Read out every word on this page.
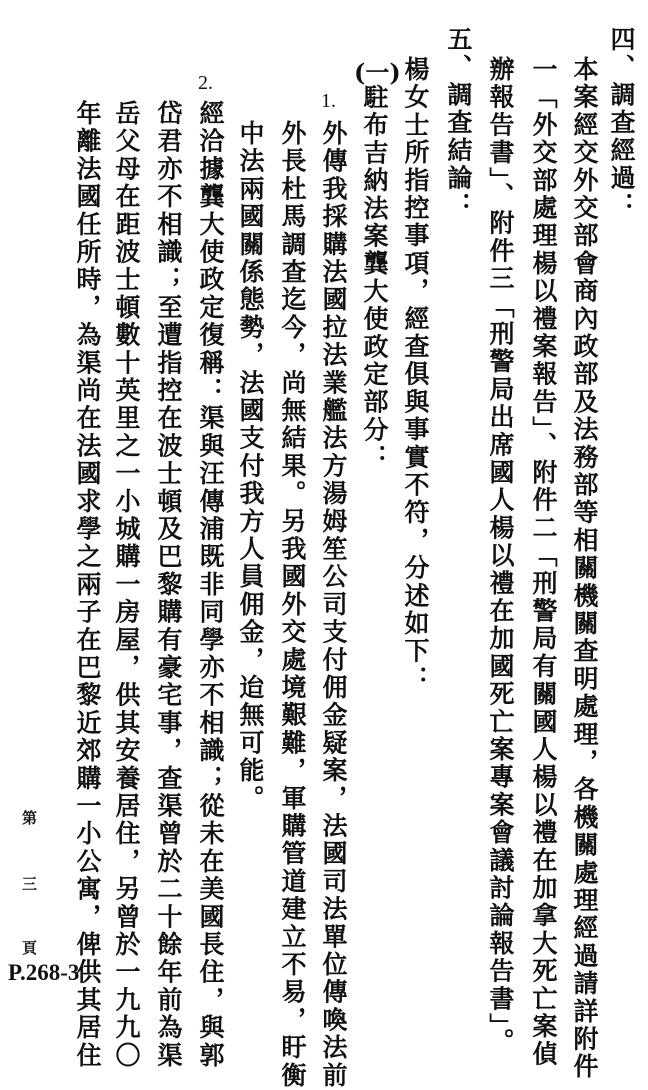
四、調查經過：
本案經交外交部會商內政部及法務部等相關機關查明處理，各機關處理經過請詳附件
一「外交部處理楊以禮案報告」、附件二「刑警局有關國人楊以禮在加拿大死亡案偵
辦報告書」、附件三「刑警局出席國人楊以禮在加國死亡案專案會議討論報告書」。
五、調查結論：
楊女士所指控事項，經查俱與事實不符，分述如下：
(一)
駐布吉納法案龔大使政定部分：
1.
外傳我採購法國拉法業艦法方湯姆笙公司支付佣金疑案，法國司法單位傳喚法前
外長杜馬調查迄今，尚無結果。另我國外交處境艱難，軍購管道建立不易，盱衡
中法兩國關係態勢，法國支付我方人員佣金，迨無可能。
2.
經洽據龔大使政定復稱：渠與汪傳浦既非同學亦不相識；從未在美國長住，與郭
岱君亦不相識；至遭指控在波士頓及巴黎購有豪宅事，查渠曾於二十餘年前為渠
岳父母在距波士頓數十英里之一小城購一房屋，供其安養居住，另曾於一九九〇
年離法國任所時，為渠尚在法國求學之兩子在巴黎近郊購一小公寓，俾供其居住
第
三
頁
P.268-3
